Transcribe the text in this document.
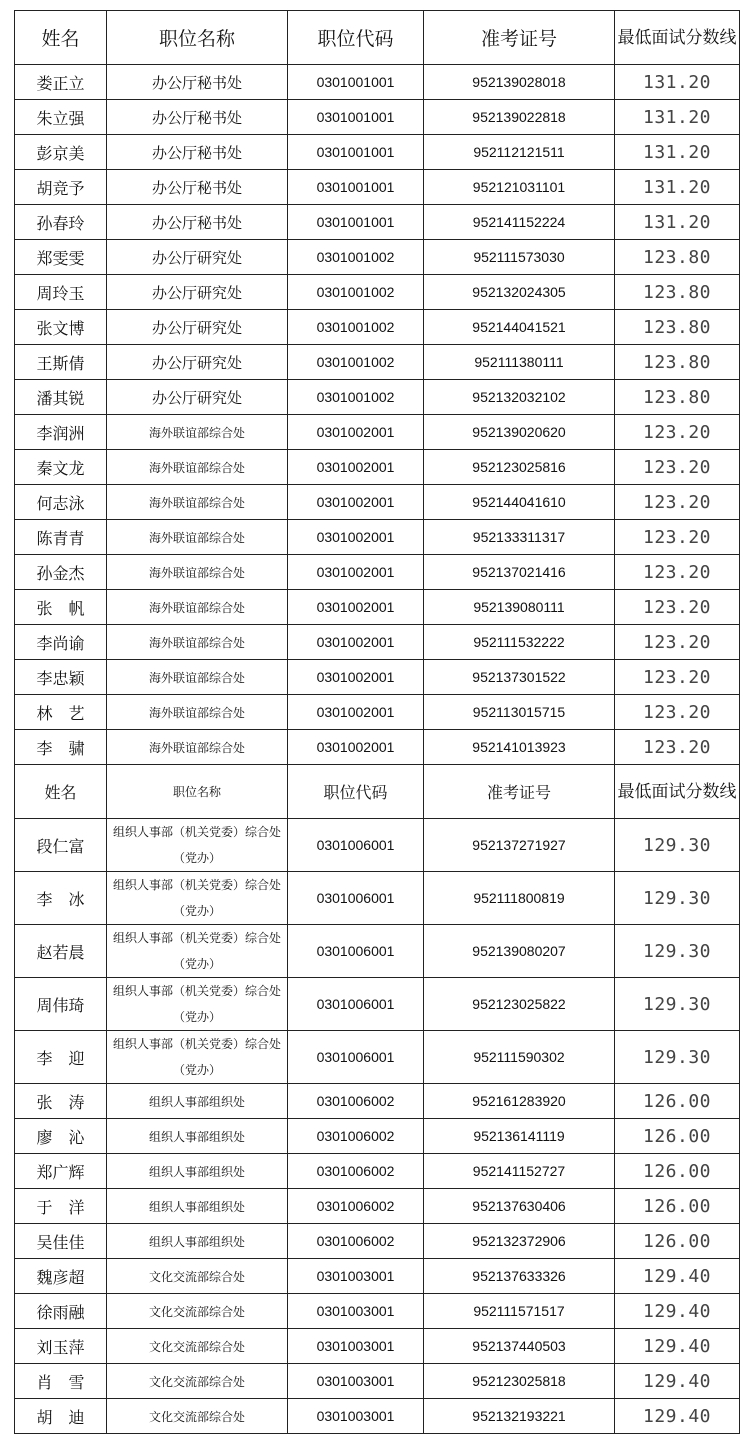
姓名	职位名称	职位代码	准考证号	最低面试分数线
娄正立	办公厅秘书处	0301001001	952139028018	131.20
朱立强	办公厅秘书处	0301001001	952139022818	131.20
彭京美	办公厅秘书处	0301001001	952112121511	131.20
胡竞予	办公厅秘书处	0301001001	952121031101	131.20
孙春玲	办公厅秘书处	0301001001	952141152224	131.20
郑雯雯	办公厅研究处	0301001002	952111573030	123.80
周玲玉	办公厅研究处	0301001002	952132024305	123.80
张文博	办公厅研究处	0301001002	952144041521	123.80
王斯倩	办公厅研究处	0301001002	952111380111	123.80
潘其锐	办公厅研究处	0301001002	952132032102	123.80
李润洲	海外联谊部综合处	0301002001	952139020620	123.20
秦文龙	海外联谊部综合处	0301002001	952123025816	123.20
何志泳	海外联谊部综合处	0301002001	952144041610	123.20
陈青青	海外联谊部综合处	0301002001	952133311317	123.20
孙金杰	海外联谊部综合处	0301002001	952137021416	123.20
张　帆	海外联谊部综合处	0301002001	952139080111	123.20
李尚谕	海外联谊部综合处	0301002001	952111532222	123.20
李忠颖	海外联谊部综合处	0301002001	952137301522	123.20
林　艺	海外联谊部综合处	0301002001	952113015715	123.20
李　骕	海外联谊部综合处	0301002001	952141013923	123.20
姓名	职位名称	职位代码	准考证号	最低面试分数线
段仁富	组织人事部（机关党委）综合处（党办）	0301006001	952137271927	129.30
李　冰	组织人事部（机关党委）综合处（党办）	0301006001	952111800819	129.30
赵若晨	组织人事部（机关党委）综合处（党办）	0301006001	952139080207	129.30
周伟琦	组织人事部（机关党委）综合处（党办）	0301006001	952123025822	129.30
李　迎	组织人事部（机关党委）综合处（党办）	0301006001	952111590302	129.30
张　涛	组织人事部组织处	0301006002	952161283920	126.00
廖　沁	组织人事部组织处	0301006002	952136141119	126.00
郑广辉	组织人事部组织处	0301006002	952141152727	126.00
于　洋	组织人事部组织处	0301006002	952137630406	126.00
吴佳佳	组织人事部组织处	0301006002	952132372906	126.00
魏彦超	文化交流部综合处	0301003001	952137633326	129.40
徐雨融	文化交流部综合处	0301003001	952111571517	129.40
刘玉萍	文化交流部综合处	0301003001	952137440503	129.40
肖　雪	文化交流部综合处	0301003001	952123025818	129.40
胡　迪	文化交流部综合处	0301003001	952132193221	129.40
